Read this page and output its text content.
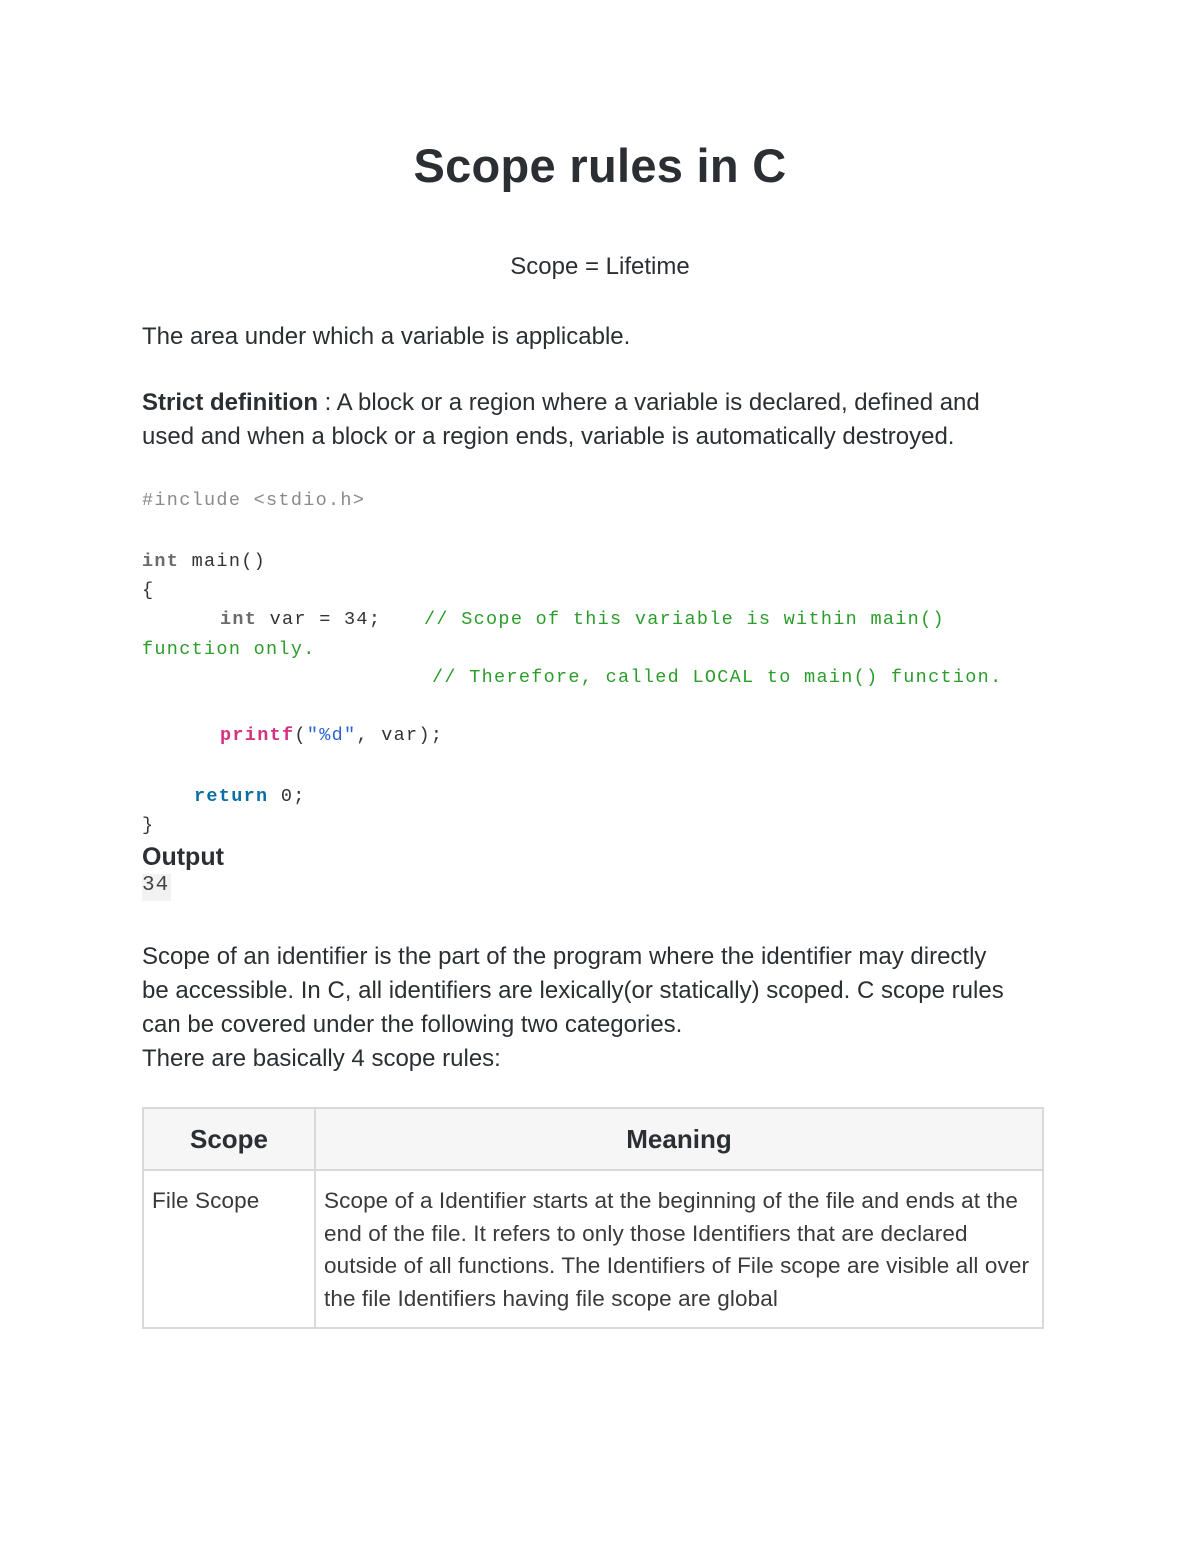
Scope rules in C
Scope = Lifetime
The area under which a variable is applicable.
Strict definition : A block or a region where a variable is declared, defined and
used and when a block or a region ends, variable is automatically destroyed.
#include <stdio.h>
int main()
{
int var = 34; // Scope of this variable is within main()
function only.
// Therefore, called LOCAL to main() function.
printf("%d", var);
return 0;
}
Output
34
Scope of an identifier is the part of the program where the identifier may directly
be accessible. In C, all identifiers are lexically(or statically) scoped. C scope rules
can be covered under the following two categories.
There are basically 4 scope rules:
Scope	Meaning
File Scope	Scope of a Identifier starts at the beginning of the file and ends at the end of the file. It refers to only those Identifiers that are declared outside of all functions. The Identifiers of File scope are visible all over the file Identifiers having file scope are global
